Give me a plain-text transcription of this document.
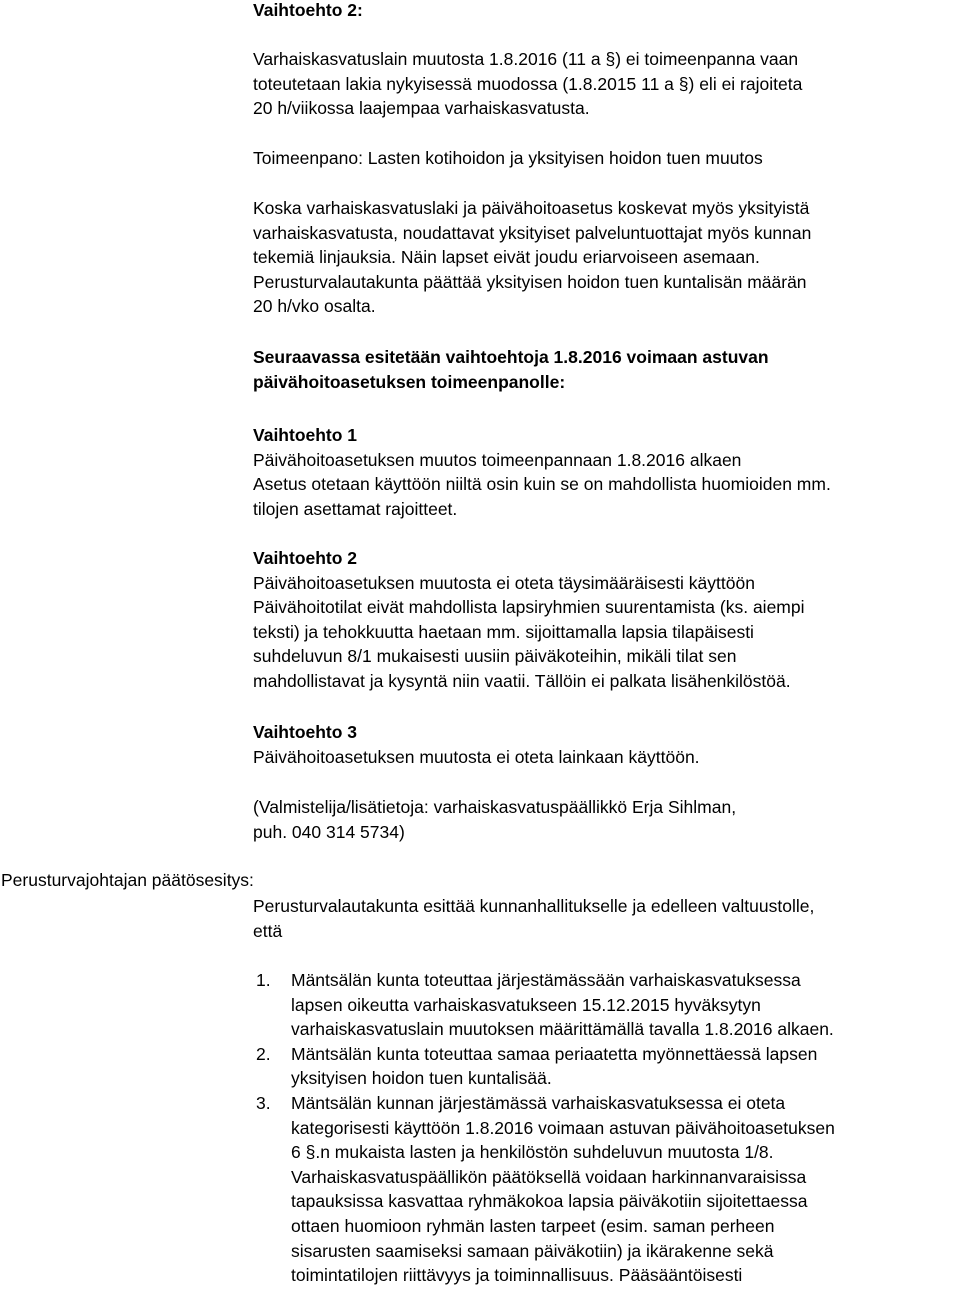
Vaihtoehto 2:
Varhaiskasvatuslain muutosta 1.8.2016 (11 a §) ei toimeenpanna vaan
toteutetaan lakia nykyisessä muodossa (1.8.2015 11 a §) eli ei rajoiteta
20 h/viikossa laajempaa varhaiskasvatusta.
Toimeenpano: Lasten kotihoidon ja yksityisen hoidon tuen muutos
Koska varhaiskasvatuslaki ja päivähoitoasetus koskevat myös yksityistä
varhaiskasvatusta, noudattavat yksityiset palveluntuottajat myös kunnan
tekemiä linjauksia. Näin lapset eivät joudu eriarvoiseen asemaan.
Perusturvalautakunta päättää yksityisen hoidon tuen kuntalisän määrän
20 h/vko osalta.
Seuraavassa esitetään vaihtoehtoja 1.8.2016 voimaan astuvan
päivähoitoasetuksen toimeenpanolle:
Vaihtoehto 1
Päivähoitoasetuksen muutos toimeenpannaan 1.8.2016 alkaen
Asetus otetaan käyttöön niiltä osin kuin se on mahdollista huomioiden mm.
tilojen asettamat rajoitteet.
Vaihtoehto 2
Päivähoitoasetuksen muutosta ei oteta täysimääräisesti käyttöön
Päivähoitotilat eivät mahdollista lapsiryhmien suurentamista (ks. aiempi
teksti) ja tehokkuutta haetaan mm. sijoittamalla lapsia tilapäisesti
suhdeluvun 8/1 mukaisesti uusiin päiväkoteihin, mikäli tilat sen
mahdollistavat ja kysyntä niin vaatii. Tällöin ei palkata lisähenkilöstöä.
Vaihtoehto 3
Päivähoitoasetuksen muutosta ei oteta lainkaan käyttöön.
(Valmistelija/lisätietoja: varhaiskasvatuspäällikkö Erja Sihlman,
puh. 040 314 5734)
Perusturvajohtajan päätösesitys:
Perusturvalautakunta esittää kunnanhallitukselle ja edelleen valtuustolle,
että
1. Mäntsälän kunta toteuttaa järjestämässään varhaiskasvatuksessa
lapsen oikeutta varhaiskasvatukseen 15.12.2015 hyväksytyn
varhaiskasvatuslain muutoksen määrittämällä tavalla 1.8.2016 alkaen.
2. Mäntsälän kunta toteuttaa samaa periaatetta myönnettäessä lapsen
yksityisen hoidon tuen kuntalisää.
3. Mäntsälän kunnan järjestämässä varhaiskasvatuksessa ei oteta
kategorisesti käyttöön 1.8.2016 voimaan astuvan päivähoitoasetuksen
6 §.n mukaista lasten ja henkilöstön suhdeluvun muutosta 1/8.
Varhaiskasvatuspäällikön päätöksellä voidaan harkinnanvaraisissa
tapauksissa kasvattaa ryhmäkokoa lapsia päiväkotiin sijoitettaessa
ottaen huomioon ryhmän lasten tarpeet (esim. saman perheen
sisarusten saamiseksi samaan päiväkotiin) ja ikärakenne sekä
toimintatilojen riittävyys ja toiminnallisuus. Pääsääntöisesti
